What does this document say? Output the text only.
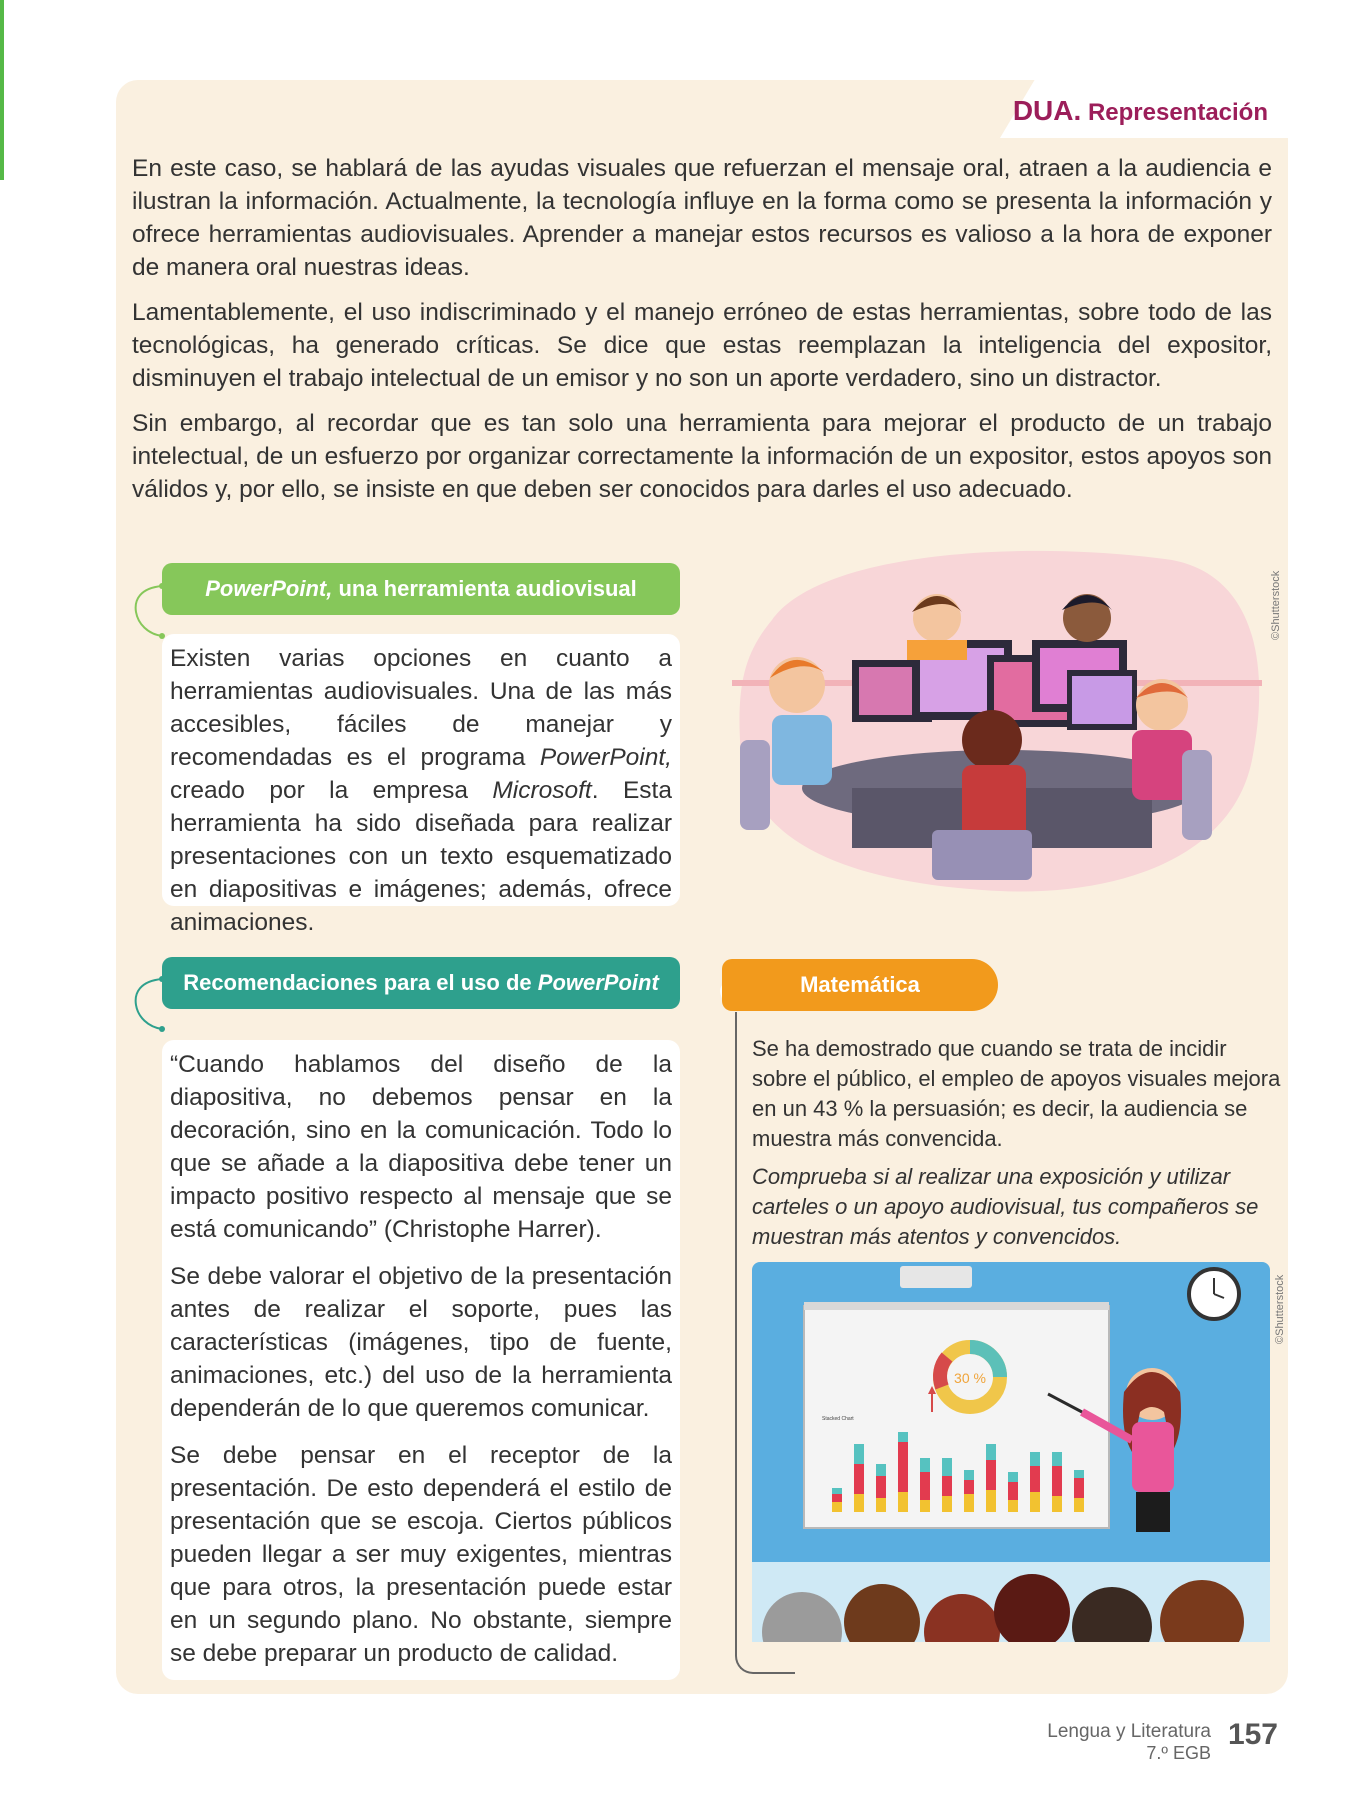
DUA. Representación

En este caso, se hablará de las ayudas visuales que refuerzan el mensaje oral, atraen a la audiencia e ilustran la información. Actualmente, la tecnología influye en la forma como se presenta la información y ofrece herramientas audiovisuales. Aprender a manejar estos recursos es valioso a la hora de exponer de manera oral nuestras ideas.

Lamentablemente, el uso indiscriminado y el manejo erróneo de estas herramientas, sobre todo de las tecnológicas, ha generado críticas. Se dice que estas reemplazan la inteligencia del expositor, disminuyen el trabajo intelectual de un emisor y no son un aporte verdadero, sino un distractor.

Sin embargo, al recordar que es tan solo una herramienta para mejorar el producto de un trabajo intelectual, de un esfuerzo por organizar correctamente la información de un expositor, estos apoyos son válidos y, por ello, se insiste en que deben ser conocidos para darles el uso adecuado.

PowerPoint, una herramienta audiovisual

Existen varias opciones en cuanto a herramientas audiovisuales. Una de las más accesibles, fáciles de manejar y recomendadas es el programa PowerPoint, creado por la empresa Microsoft. Esta herramienta ha sido diseñada para realizar presentaciones con un texto esquematizado en diapositivas e imágenes; además, ofrece animaciones.

Recomendaciones para el uso de PowerPoint

“Cuando hablamos del diseño de la diapositiva, no debemos pensar en la decoración, sino en la comunicación. Todo lo que se añade a la diapositiva debe tener un impacto positivo respecto al mensaje que se está comunicando” (Christophe Harrer).

Se debe valorar el objetivo de la presentación antes de realizar el soporte, pues las características (imágenes, tipo de fuente, animaciones, etc.) del uso de la herramienta dependerán de lo que queremos comunicar.

Se debe pensar en el receptor de la presentación. De esto dependerá el estilo de presentación que se escoja. Ciertos públicos pueden llegar a ser muy exigentes, mientras que para otros, la presentación puede estar en un segundo plano. No obstante, siempre se debe preparar un producto de calidad.

Matemática

Se ha demostrado que cuando se trata de incidir sobre el público, el empleo de apoyos visuales mejora en un 43 % la persuasión; es decir, la audiencia se muestra más convencida.

Comprueba si al realizar una exposición y utilizar carteles o un apoyo audiovisual, tus compañeros se muestran más atentos y convencidos.

30 %
Stacked Chart
©Shutterstock
©Shutterstock
Lengua y Literatura
7.º EGB
157
